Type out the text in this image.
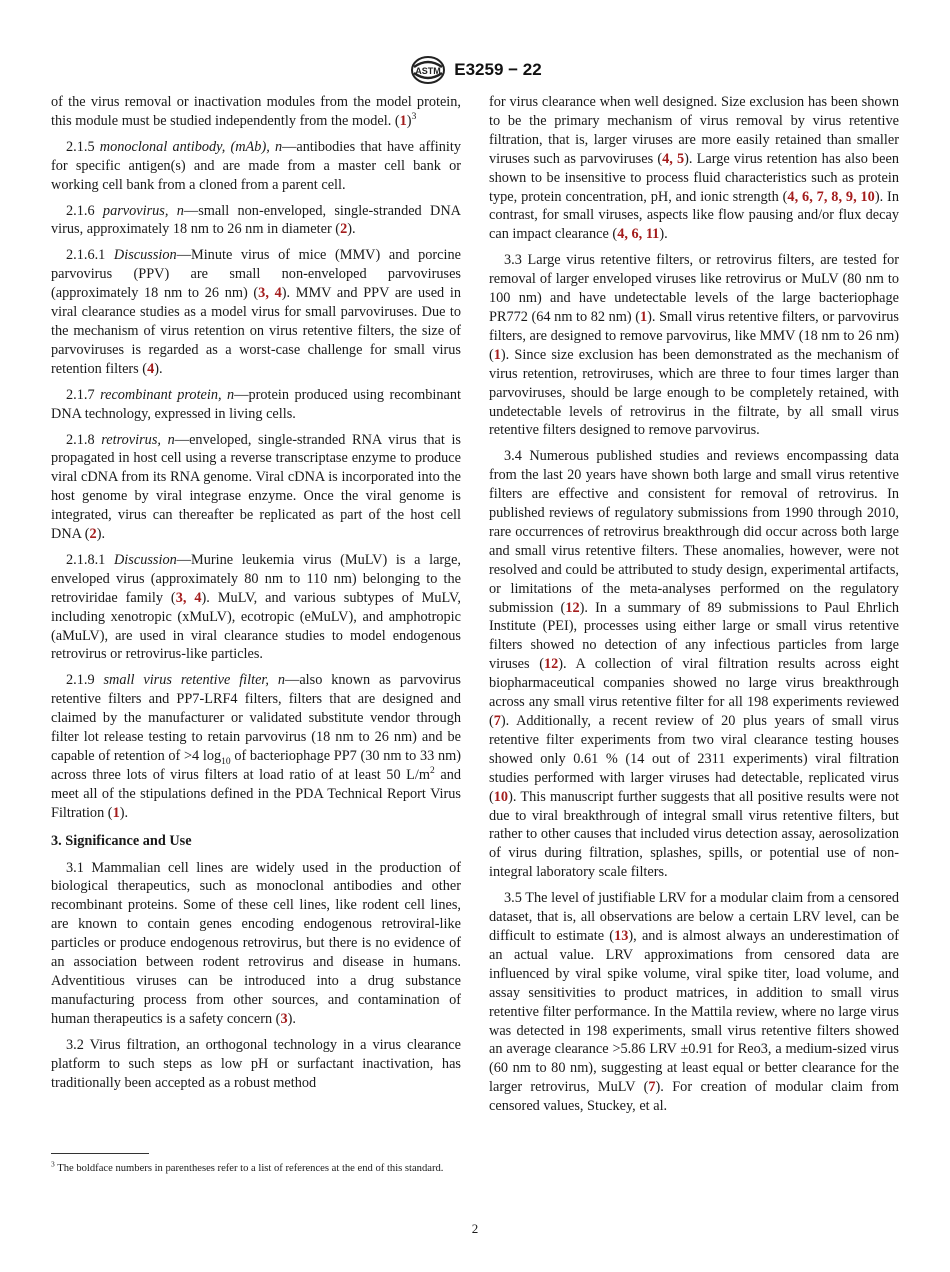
ASTM E3259 − 22

of the virus removal or inactivation modules from the model protein, this module must be studied independently from the model. $(1)^3$

2.1.5 monoclonal antibody, (mAb), n—antibodies that have affinity for specific antigen(s) and are made from a master cell bank or working cell bank from a cloned from a parent cell.

2.1.6 parvovirus, n—small non-enveloped, single-stranded DNA virus, approximately 18 nm to 26 nm in diameter (2).

2.1.6.1 Discussion—Minute virus of mice (MMV) and porcine parvovirus (PPV) are small non-enveloped parvoviruses (approximately 18 nm to 26 nm) (3, 4). MMV and PPV are used in viral clearance studies as a model virus for small parvoviruses. Due to the mechanism of virus retention on virus retentive filters, the size of parvoviruses is regarded as a worst-case challenge for small virus retention filters (4).

2.1.7 recombinant protein, n—protein produced using recombinant DNA technology, expressed in living cells.

2.1.8 retrovirus, n—enveloped, single-stranded RNA virus that is propagated in host cell using a reverse transcriptase enzyme to produce viral cDNA from its RNA genome. Viral cDNA is incorporated into the host genome by viral integrase enzyme. Once the viral genome is integrated, virus can thereafter be replicated as part of the host cell DNA (2).

2.1.8.1 Discussion—Murine leukemia virus (MuLV) is a large, enveloped virus (approximately 80 nm to 110 nm) belonging to the retroviridae family (3, 4). MuLV, and various subtypes of MuLV, including xenotropic (xMuLV), ecotropic (eMuLV), and amphotropic (aMuLV), are used in viral clearance studies to model endogenous retrovirus or retrovirus-like particles.

2.1.9 small virus retentive filter, n—also known as parvovirus retentive filters and PP7-LRF4 filters, filters that are designed and claimed by the manufacturer or validated substitute vendor through filter lot release testing to retain parvovirus (18 nm to 26 nm) and be capable of retention of >4 $\log_{10}$ of bacteriophage PP7 (30 nm to 33 nm) across three lots of virus filters at load ratio of at least 50 $L/m^2$ and meet all of the stipulations defined in the PDA Technical Report Virus Filtration (1).

3. Significance and Use

3.1 Mammalian cell lines are widely used in the production of biological therapeutics, such as monoclonal antibodies and other recombinant proteins. Some of these cell lines, like rodent cell lines, are known to contain genes encoding endogenous retroviral-like particles or produce endogenous retrovirus, but there is no evidence of an association between rodent retrovirus and disease in humans. Adventitious viruses can be introduced into a drug substance manufacturing process from other sources, and contamination of human therapeutics is a safety concern (3).

3.2 Virus filtration, an orthogonal technology in a virus clearance platform to such steps as low pH or surfactant inactivation, has traditionally been accepted as a robust method

for virus clearance when well designed. Size exclusion has been shown to be the primary mechanism of virus removal by virus retentive filtration, that is, larger viruses are more easily retained than smaller viruses such as parvoviruses (4, 5). Large virus retention has also been shown to be insensitive to process fluid characteristics such as protein type, protein concentration, pH, and ionic strength (4, 6, 7, 8, 9, 10). In contrast, for small viruses, aspects like flow pausing and/or flux decay can impact clearance (4, 6, 11).

3.3 Large virus retentive filters, or retrovirus filters, are tested for removal of larger enveloped viruses like retrovirus or MuLV (80 nm to 100 nm) and have undetectable levels of the large bacteriophage PR772 (64 nm to 82 nm) (1). Small virus retentive filters, or parvovirus filters, are designed to remove parvovirus, like MMV (18 nm to 26 nm) (1). Since size exclusion has been demonstrated as the mechanism of virus retention, retroviruses, which are three to four times larger than parvoviruses, should be large enough to be completely retained, with undetectable levels of retrovirus in the filtrate, by all small virus retentive filters designed to remove parvovirus.

3.4 Numerous published studies and reviews encompassing data from the last 20 years have shown both large and small virus retentive filters are effective and consistent for removal of retrovirus. In published reviews of regulatory submissions from 1990 through 2010, rare occurrences of retrovirus breakthrough did occur across both large and small virus retentive filters. These anomalies, however, were not resolved and could be attributed to study design, experimental artifacts, or limitations of the meta-analyses performed on the regulatory submission (12). In a summary of 89 submissions to Paul Ehrlich Institute (PEI), processes using either large or small virus retentive filters showed no detection of any infectious particles from large viruses (12). A collection of viral filtration results across eight biopharmaceutical companies showed no large virus breakthrough across any small virus retentive filter for all 198 experiments reviewed (7). Additionally, a recent review of 20 plus years of small virus retentive filter experiments from two viral clearance testing houses showed only 0.61 % (14 out of 2311 experiments) viral filtration studies performed with larger viruses had detectable, replicated virus (10). This manuscript further suggests that all positive results were not due to viral breakthrough of integral small virus retentive filters, but rather to other causes that included virus detection assay, aerosolization of virus during filtration, splashes, spills, or potential use of non-integral laboratory scale filters.

3.5 The level of justifiable LRV for a modular claim from a censored dataset, that is, all observations are below a certain LRV level, can be difficult to estimate (13), and is almost always an underestimation of an actual value. LRV approximations from censored data are influenced by viral spike volume, viral spike titer, load volume, and assay sensitivities to product matrices, in addition to small virus retentive filter performance. In the Mattila review, where no large virus was detected in 198 experiments, small virus retentive filters showed an average clearance >5.86 LRV ±0.91 for Reo3, a medium-sized virus (60 nm to 80 nm), suggesting at least equal or better clearance for the larger retrovirus, MuLV (7). For creation of modular claim from censored values, Stuckey, et al.

$^3$ The boldface numbers in parentheses refer to a list of references at the end of this standard.
2
